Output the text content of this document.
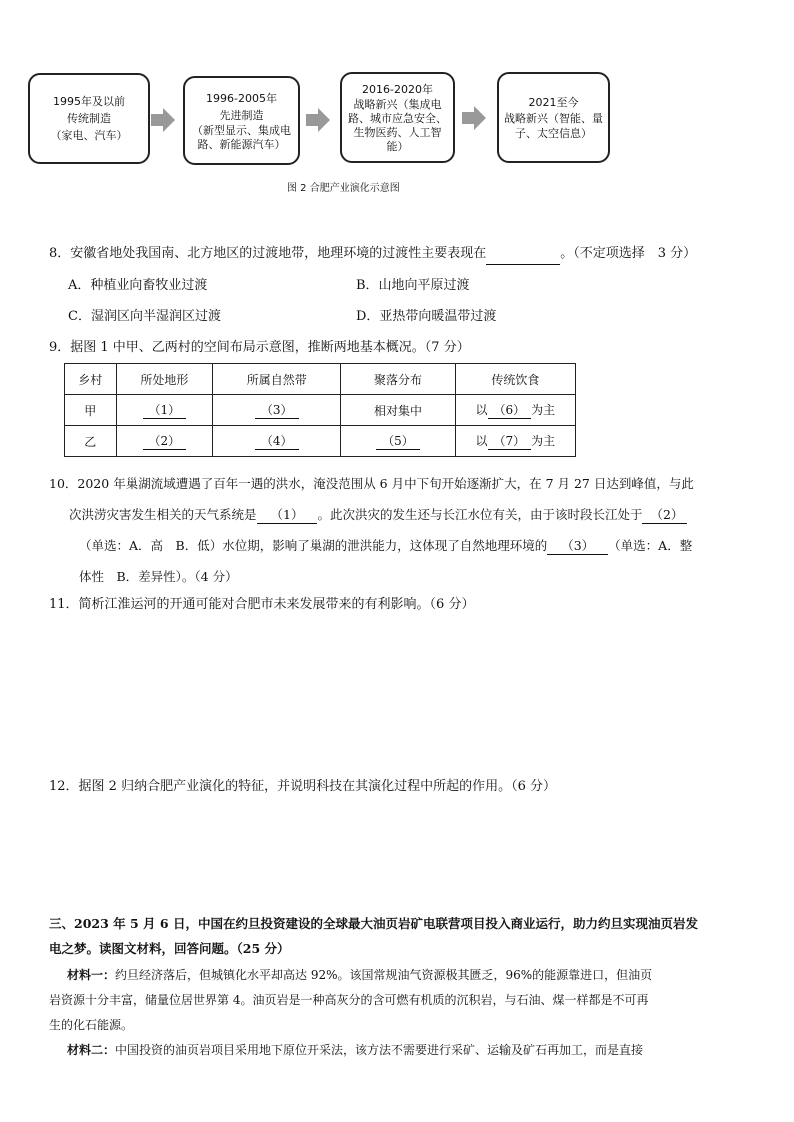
1995年及以前
传统制造
（家电、汽车）
1996-2005年
先进制造
（新型显示、集成电路、新能源汽车）
2016-2020年
战略新兴（集成电路、城市应急安全、生物医药、人工智能）
2021至今
战略新兴（智能、量子、太空信息）
图 2 合肥产业演化示意图
8．安徽省地处我国南、北方地区的过渡地带，地理环境的过渡性主要表现在	。（不定项选择　3 分）
A．种植业向畜牧业过渡	B．山地向平原过渡
C．湿润区向半湿润区过渡	D．亚热带向暖温带过渡
9．据图 1 中甲、乙两村的空间布局示意图，推断两地基本概况。（7 分）
乡村	所处地形	所属自然带	聚落分布	传统饮食
甲	（1）	（3）	相对集中	以 （6） 为主
乙	（2）	（4）	（5）	以 （7） 为主
10．2020 年巢湖流域遭遇了百年一遇的洪水，淹没范围从 6 月中下旬开始逐渐扩大，在 7 月 27 日达到峰值，与此
次洪涝灾害发生相关的天气系统是 （1） 。此次洪灾的发生还与长江水位有关，由于该时段长江处于 （2）
（单选：A．高　B．低）水位期，影响了巢湖的泄洪能力，这体现了自然地理环境的 （3） （单选：A．整
体性　B．差异性）。（4 分）
11．简析江淮运河的开通可能对合肥市未来发展带来的有利影响。（6 分）
12．据图 2 归纳合肥产业演化的特征，并说明科技在其演化过程中所起的作用。（6 分）
三、2023 年 5 月 6 日，中国在约旦投资建设的全球最大油页岩矿电联营项目投入商业运行，助力约旦实现油页岩发
电之梦。读图文材料，回答问题。（25 分）
材料一：约旦经济落后，但城镇化水平却高达 92%。该国常规油气资源极其匮乏，96%的能源靠进口，但油页
岩资源十分丰富，储量位居世界第 4。油页岩是一种高灰分的含可燃有机质的沉积岩，与石油、煤一样都是不可再
生的化石能源。
材料二：中国投资的油页岩项目采用地下原位开采法，该方法不需要进行采矿、运输及矿石再加工，而是直接
